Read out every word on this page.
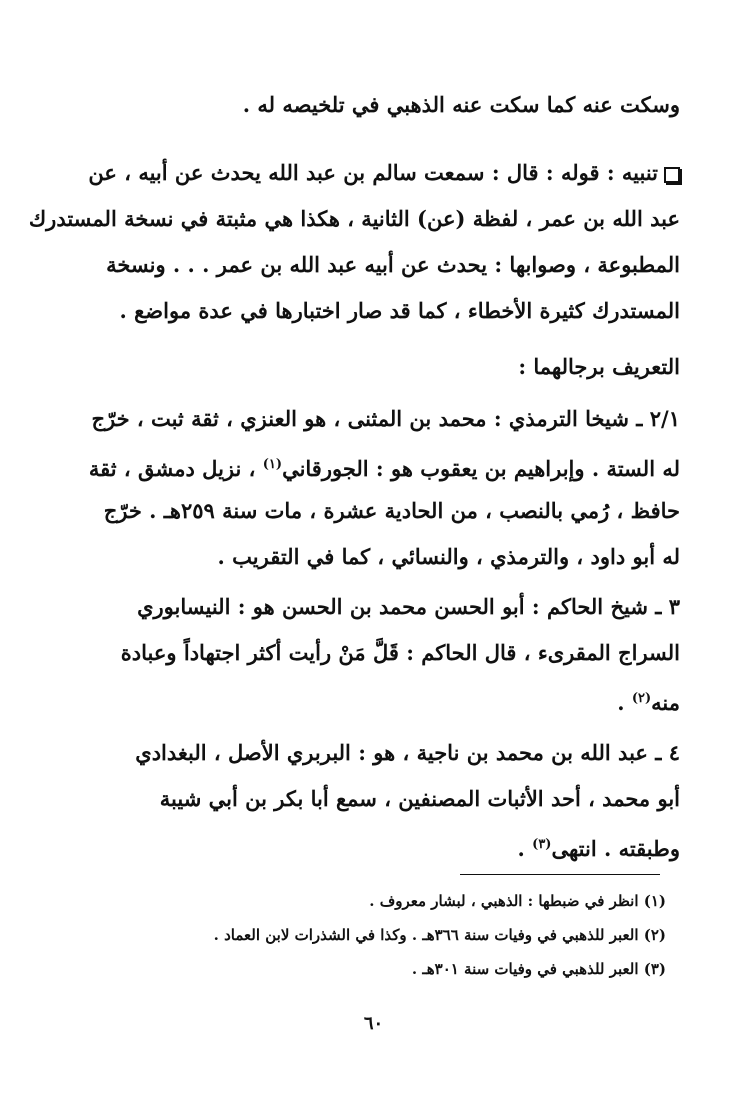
وسكت عنه كما سكت عنه الذهبي في تلخيصه له .
تنبيه : قوله : قال : سمعت سالم بن عبد الله يحدث عن أبيه ، عن
عبد الله بن عمر ، لفظة (عن) الثانية ، هكذا هي مثبتة في نسخة المستدرك
المطبوعة ، وصوابها : يحدث عن أبيه عبد الله بن عمر . . . ونسخة
المستدرك كثيرة الأخطاء ، كما قد صار اختبارها في عدة مواضع .
التعريف برجالهما :
٢/١ ـ شيخا الترمذي : محمد بن المثنى ، هو العنزي ، ثقة ثبت ، خرّج
له الستة . وإبراهيم بن يعقوب هو : الجورقاني$^{(١)}$ ، نزيل دمشق ، ثقة
حافظ ، رُمي بالنصب ، من الحادية عشرة ، مات سنة ٢٥٩هـ . خرّج
له أبو داود ، والترمذي ، والنسائي ، كما في التقريب .
٣ ـ شيخ الحاكم : أبو الحسن محمد بن الحسن هو : النيسابوري
السراج المقرىء ، قال الحاكم : قَلَّ مَنْ رأيت أكثر اجتهاداً وعبادة
منه$^{(٢)}$ .
٤ ـ عبد الله بن محمد بن ناجية ، هو : البربري الأصل ، البغدادي
أبو محمد ، أحد الأثبات المصنفين ، سمع أبا بكر بن أبي شيبة
وطبقته . انتهى$^{(٣)}$ .
(١) انظر في ضبطها : الذهبي ، لبشار معروف .
(٢) العبر للذهبي في وفيات سنة ٣٦٦هـ . وكذا في الشذرات لابن العماد .
(٣) العبر للذهبي في وفيات سنة ٣٠١هـ .
٦٠
